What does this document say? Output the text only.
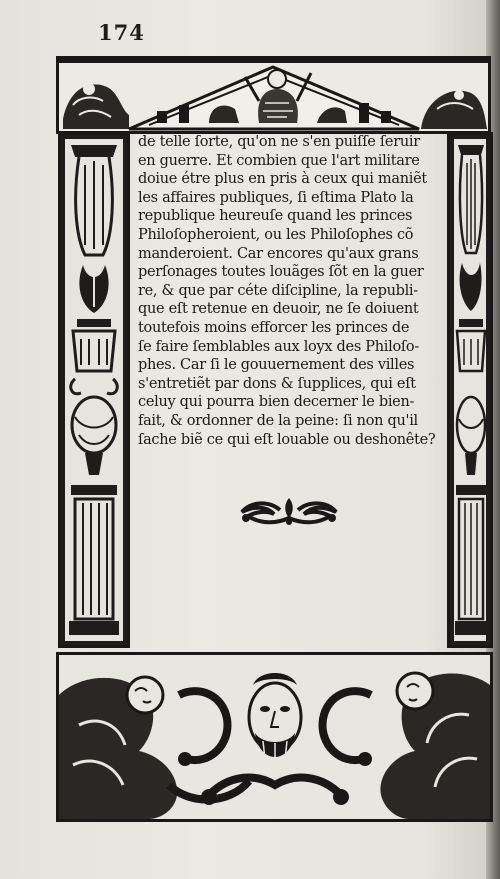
174
de telle ſorte, qu'on ne s'en puiſſe ſeruir
en guerre. Et combien que l'art militare
doiue étre plus en pris à ceux qui maniẽt
les affaires publiques, ſi eſtima Plato la
republique heureuſe quand les princes
Philoſopheroient, ou les Philoſophes cõ
manderoient. Car encores qu'aux grans
perſonages toutes louãges ſõt en la guer
re, & que par céte diſcipline, la republi-
que eſt retenue en deuoir, ne ſe doiuent
toutefois moins efforcer les princes de
ſe faire ſemblables aux loyx des Philoſo-
phes. Car ſi le gouuernement des villes
s'entretiẽt par dons & ſupplices, qui eſt
celuy qui pourra bien decerner le bien-
fait, & ordonner de la peine: ſi non qu'il
ſache biẽ ce qui eſt louable ou deshonête?
